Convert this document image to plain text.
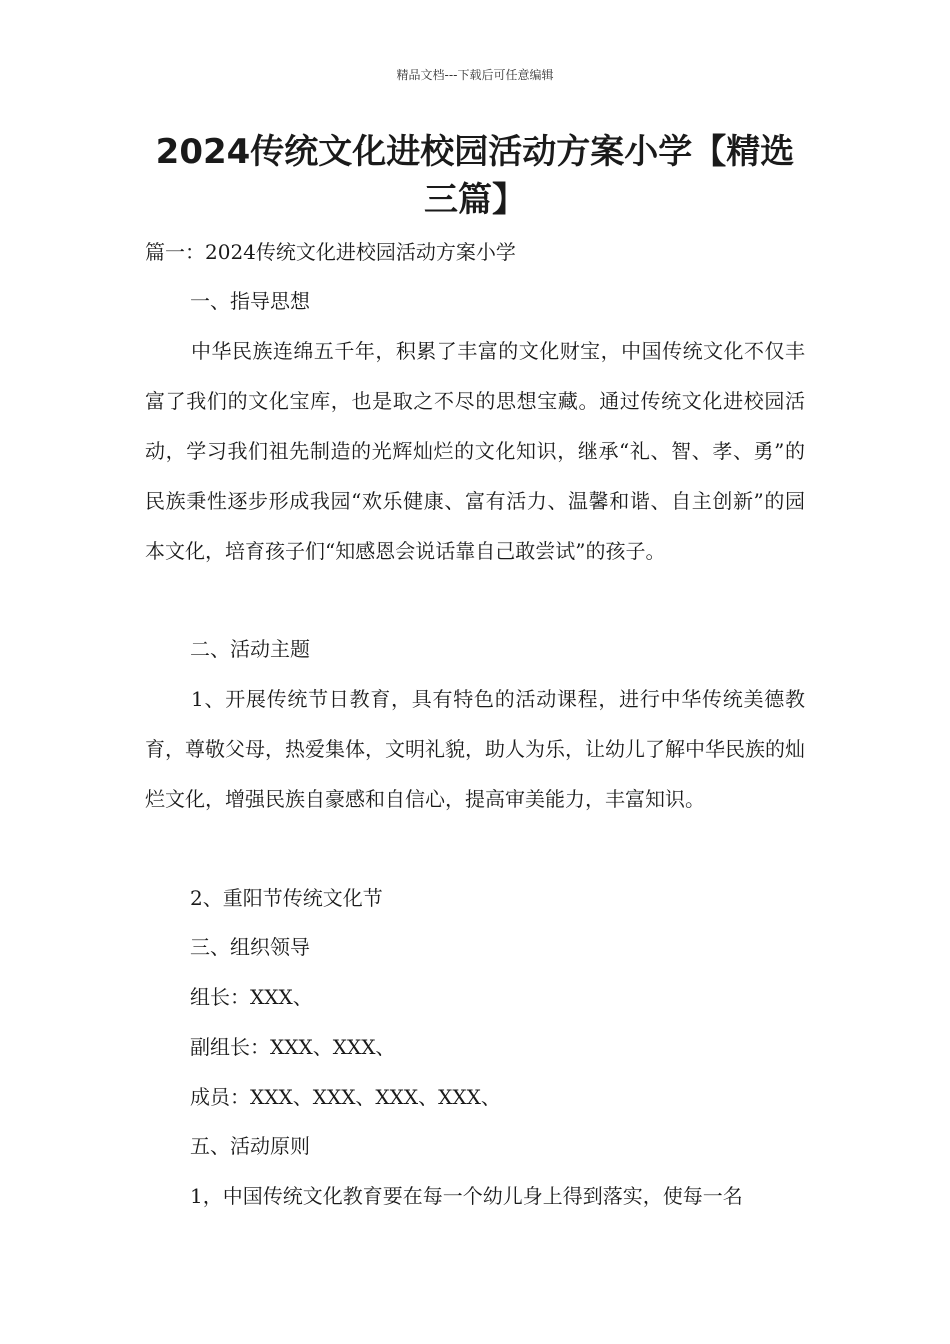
精品文档---下载后可任意编辑
2024传统文化进校园活动方案小学【精选三篇】

篇一：2024传统文化进校园活动方案小学

一、指导思想

中华民族连绵五千年，积累了丰富的文化财宝，中国传统文化不仅丰富了我们的文化宝库，也是取之不尽的思想宝藏。通过传统文化进校园活动，学习我们祖先制造的光辉灿烂的文化知识，继承“礼、智、孝、勇”的民族秉性逐步形成我园“欢乐健康、富有活力、温馨和谐、自主创新”的园本文化，培育孩子们“知感恩会说话靠自己敢尝试”的孩子。

二、活动主题

1、开展传统节日教育，具有特色的活动课程，进行中华传统美德教育，尊敬父母，热爱集体，文明礼貌，助人为乐，让幼儿了解中华民族的灿烂文化，增强民族自豪感和自信心，提高审美能力，丰富知识。

2、重阳节传统文化节

三、组织领导

组长：XXX、

副组长：XXX、XXX、

成员：XXX、XXX、XXX、XXX、

五、活动原则

1，中国传统文化教育要在每一个幼儿身上得到落实，使每一名
